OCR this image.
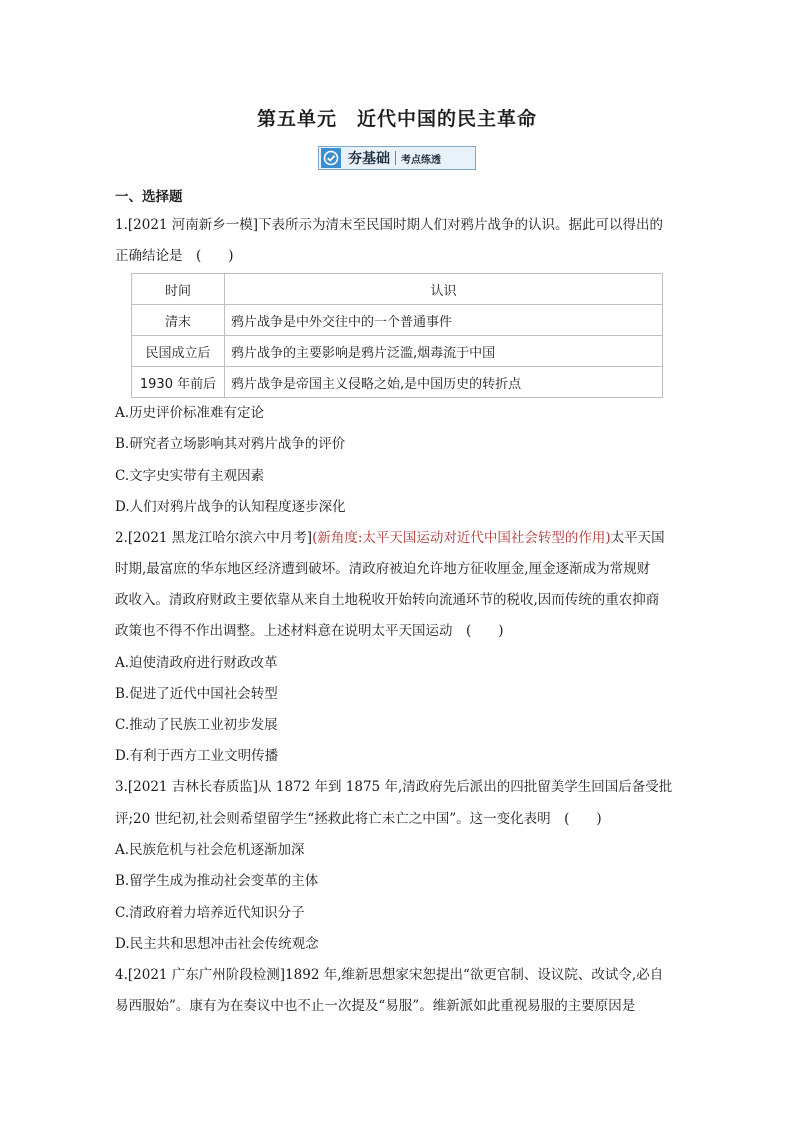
第五单元　近代中国的民主革命
夯基础 考点练透
一、选择题
1.[2021 河南新乡一模]下表所示为清末至民国时期人们对鸦片战争的认识。据此可以得出的
正确结论是　(　　)
时间	认识
清末	鸦片战争是中外交往中的一个普通事件
民国成立后	鸦片战争的主要影响是鸦片泛滥,烟毒流于中国
1930 年前后	鸦片战争是帝国主义侵略之始,是中国历史的转折点
A.历史评价标准难有定论
B.研究者立场影响其对鸦片战争的评价
C.文字史实带有主观因素
D.人们对鸦片战争的认知程度逐步深化
2.[2021 黑龙江哈尔滨六中月考](新角度:太平天国运动对近代中国社会转型的作用)太平天国
时期,最富庶的华东地区经济遭到破坏。清政府被迫允许地方征收厘金,厘金逐渐成为常规财
政收入。清政府财政主要依靠从来自土地税收开始转向流通环节的税收,因而传统的重农抑商
政策也不得不作出调整。上述材料意在说明太平天国运动　(　　)
A.迫使清政府进行财政改革
B.促进了近代中国社会转型
C.推动了民族工业初步发展
D.有利于西方工业文明传播
3.[2021 吉林长春质监]从 1872 年到 1875 年,清政府先后派出的四批留美学生回国后备受批
评;20 世纪初,社会则希望留学生“拯救此将亡未亡之中国”。这一变化表明　(　　)
A.民族危机与社会危机逐渐加深
B.留学生成为推动社会变革的主体
C.清政府着力培养近代知识分子
D.民主共和思想冲击社会传统观念
4.[2021 广东广州阶段检测]1892 年,维新思想家宋恕提出“欲更官制、设议院、改试令,必自
易西服始”。康有为在奏议中也不止一次提及“易服”。维新派如此重视易服的主要原因是
